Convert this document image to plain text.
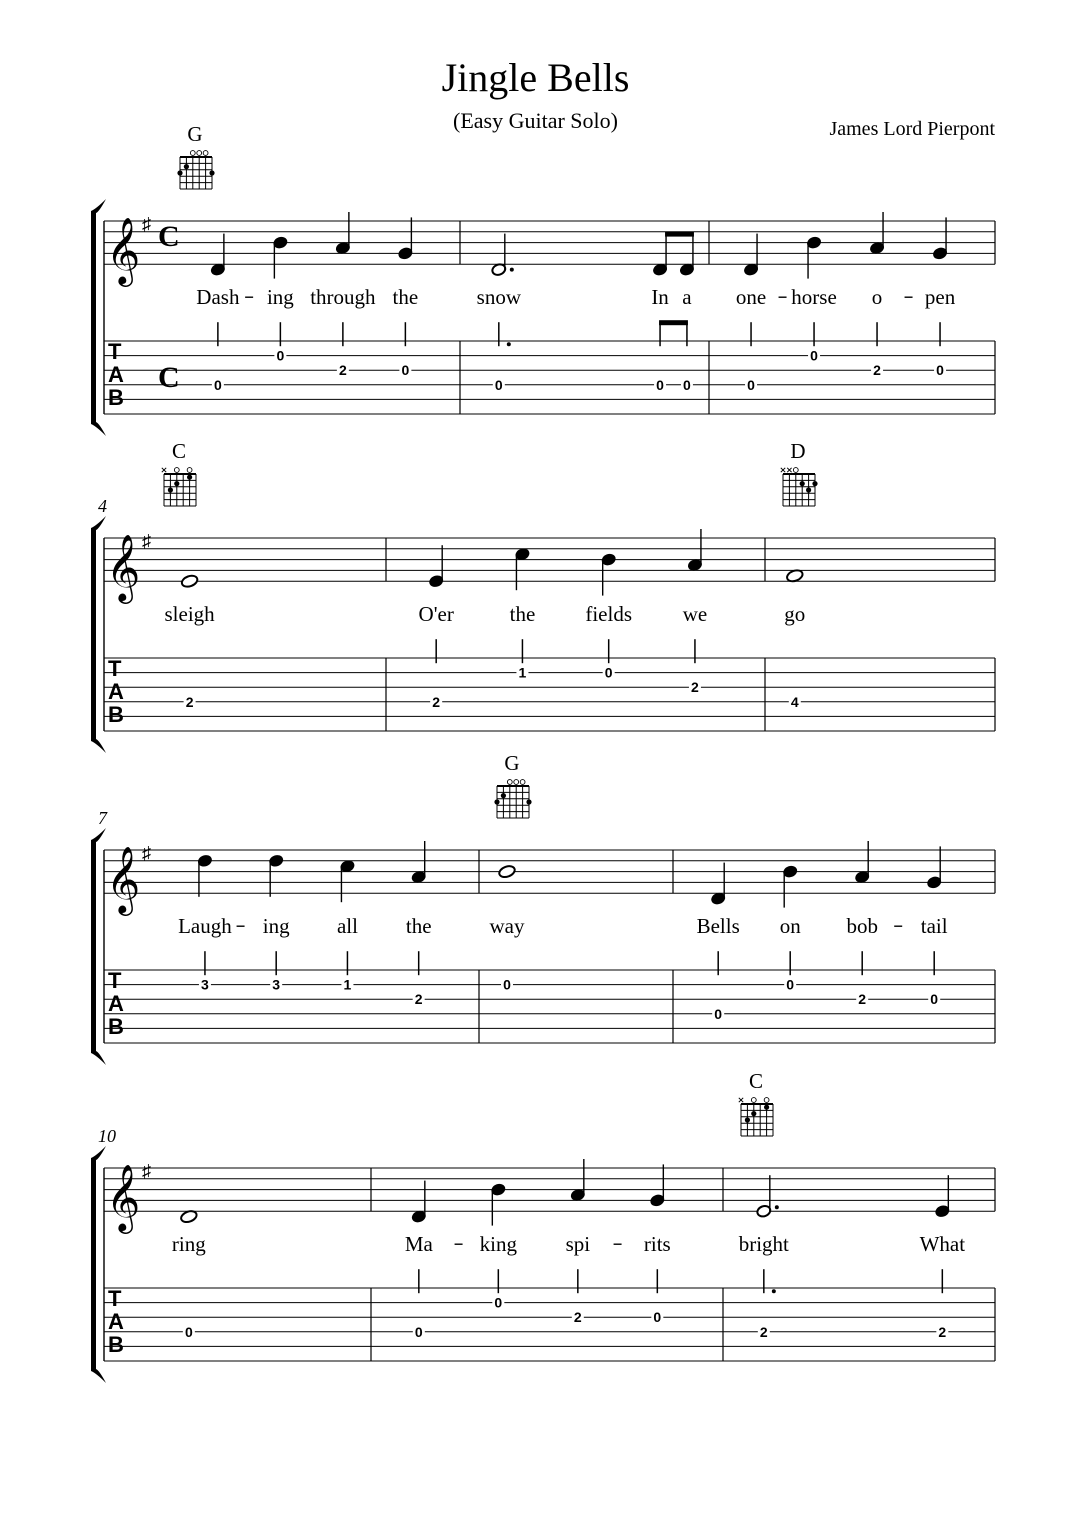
Jingle Bells
(Easy Guitar Solo)	James Lord Pierpont
𝄞 ♯ C
C
T
A
B
Dash
0
ing
0
through
2
the
0
snow
0
In
0
a
0
one
0
horse
0
o
2
pen
0
G
𝄞 ♯
T
A
B
4
sleigh
2
O'er
2
the
1
fields
0
we
2
go
4
C	D
𝄞 ♯
T
A
B
7
Laugh
3
ing
3
all
1
the
2
way
0
Bells
0
on
0
bob
2
tail
0
G
𝄞 ♯
T
A
B
10
ring
0
Ma
0
king
0
spi
2
rits
0
bright
2
What
2
C
